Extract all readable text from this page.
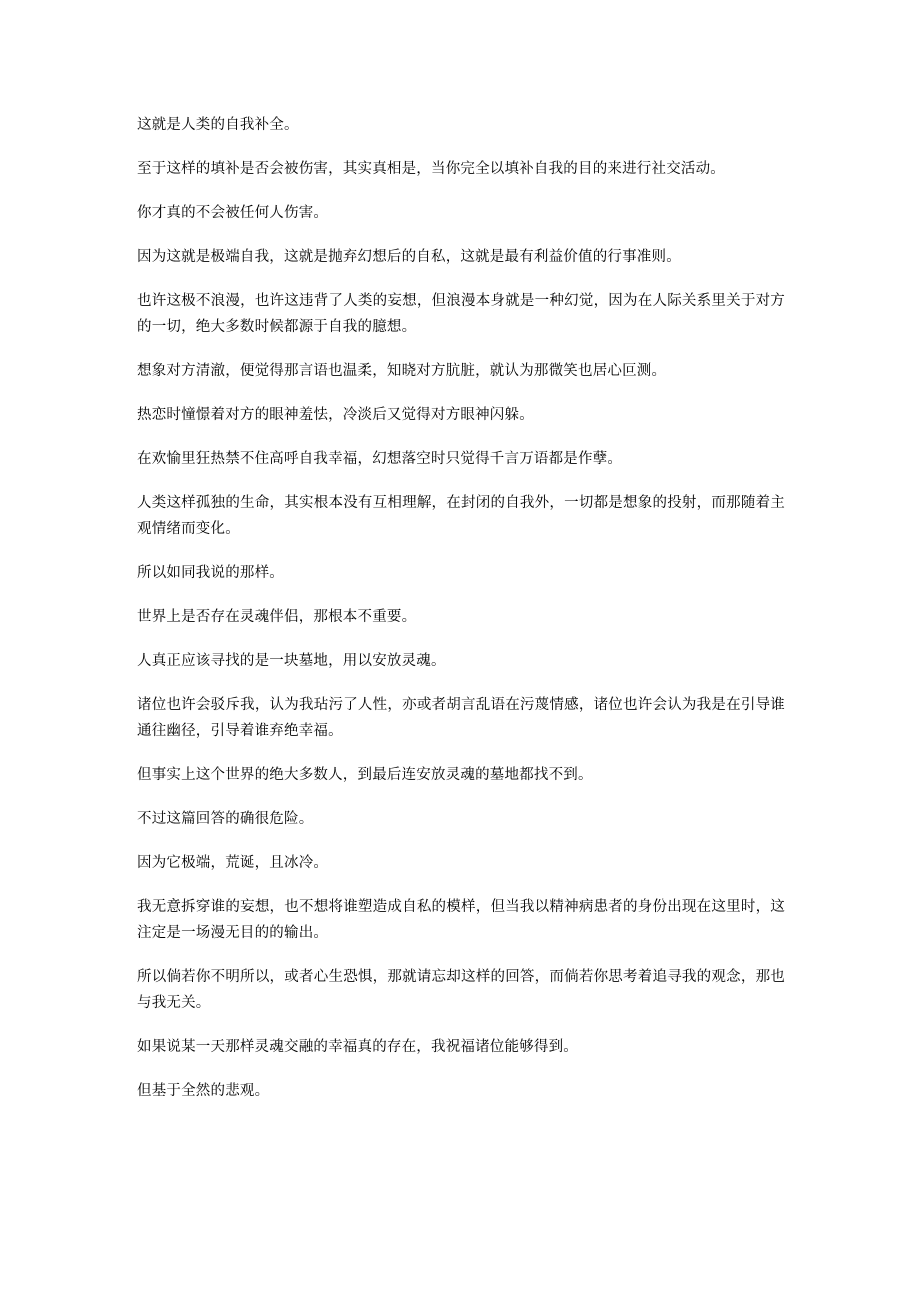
这就是人类的自我补全。

至于这样的填补是否会被伤害，其实真相是，当你完全以填补自我的目的来进行社交活动。

你才真的不会被任何人伤害。

因为这就是极端自我，这就是抛弃幻想后的自私，这就是最有利益价值的行事准则。

也许这极不浪漫，也许这违背了人类的妄想，但浪漫本身就是一种幻觉，因为在人际关系里关于对方的一切，绝大多数时候都源于自我的臆想。

想象对方清澈，便觉得那言语也温柔，知晓对方肮脏，就认为那微笑也居心叵测。

热恋时憧憬着对方的眼神羞怯，冷淡后又觉得对方眼神闪躲。

在欢愉里狂热禁不住高呼自我幸福，幻想落空时只觉得千言万语都是作孽。

人类这样孤独的生命，其实根本没有互相理解，在封闭的自我外，一切都是想象的投射，而那随着主观情绪而变化。

所以如同我说的那样。

世界上是否存在灵魂伴侣，那根本不重要。

人真正应该寻找的是一块墓地，用以安放灵魂。

诸位也许会驳斥我，认为我玷污了人性，亦或者胡言乱语在污蔑情感，诸位也许会认为我是在引导谁通往幽径，引导着谁弃绝幸福。

但事实上这个世界的绝大多数人，到最后连安放灵魂的墓地都找不到。

不过这篇回答的确很危险。

因为它极端，荒诞，且冰冷。

我无意拆穿谁的妄想，也不想将谁塑造成自私的模样，但当我以精神病患者的身份出现在这里时，这注定是一场漫无目的的输出。

所以倘若你不明所以，或者心生恐惧，那就请忘却这样的回答，而倘若你思考着追寻我的观念，那也与我无关。

如果说某一天那样灵魂交融的幸福真的存在，我祝福诸位能够得到。

但基于全然的悲观。
